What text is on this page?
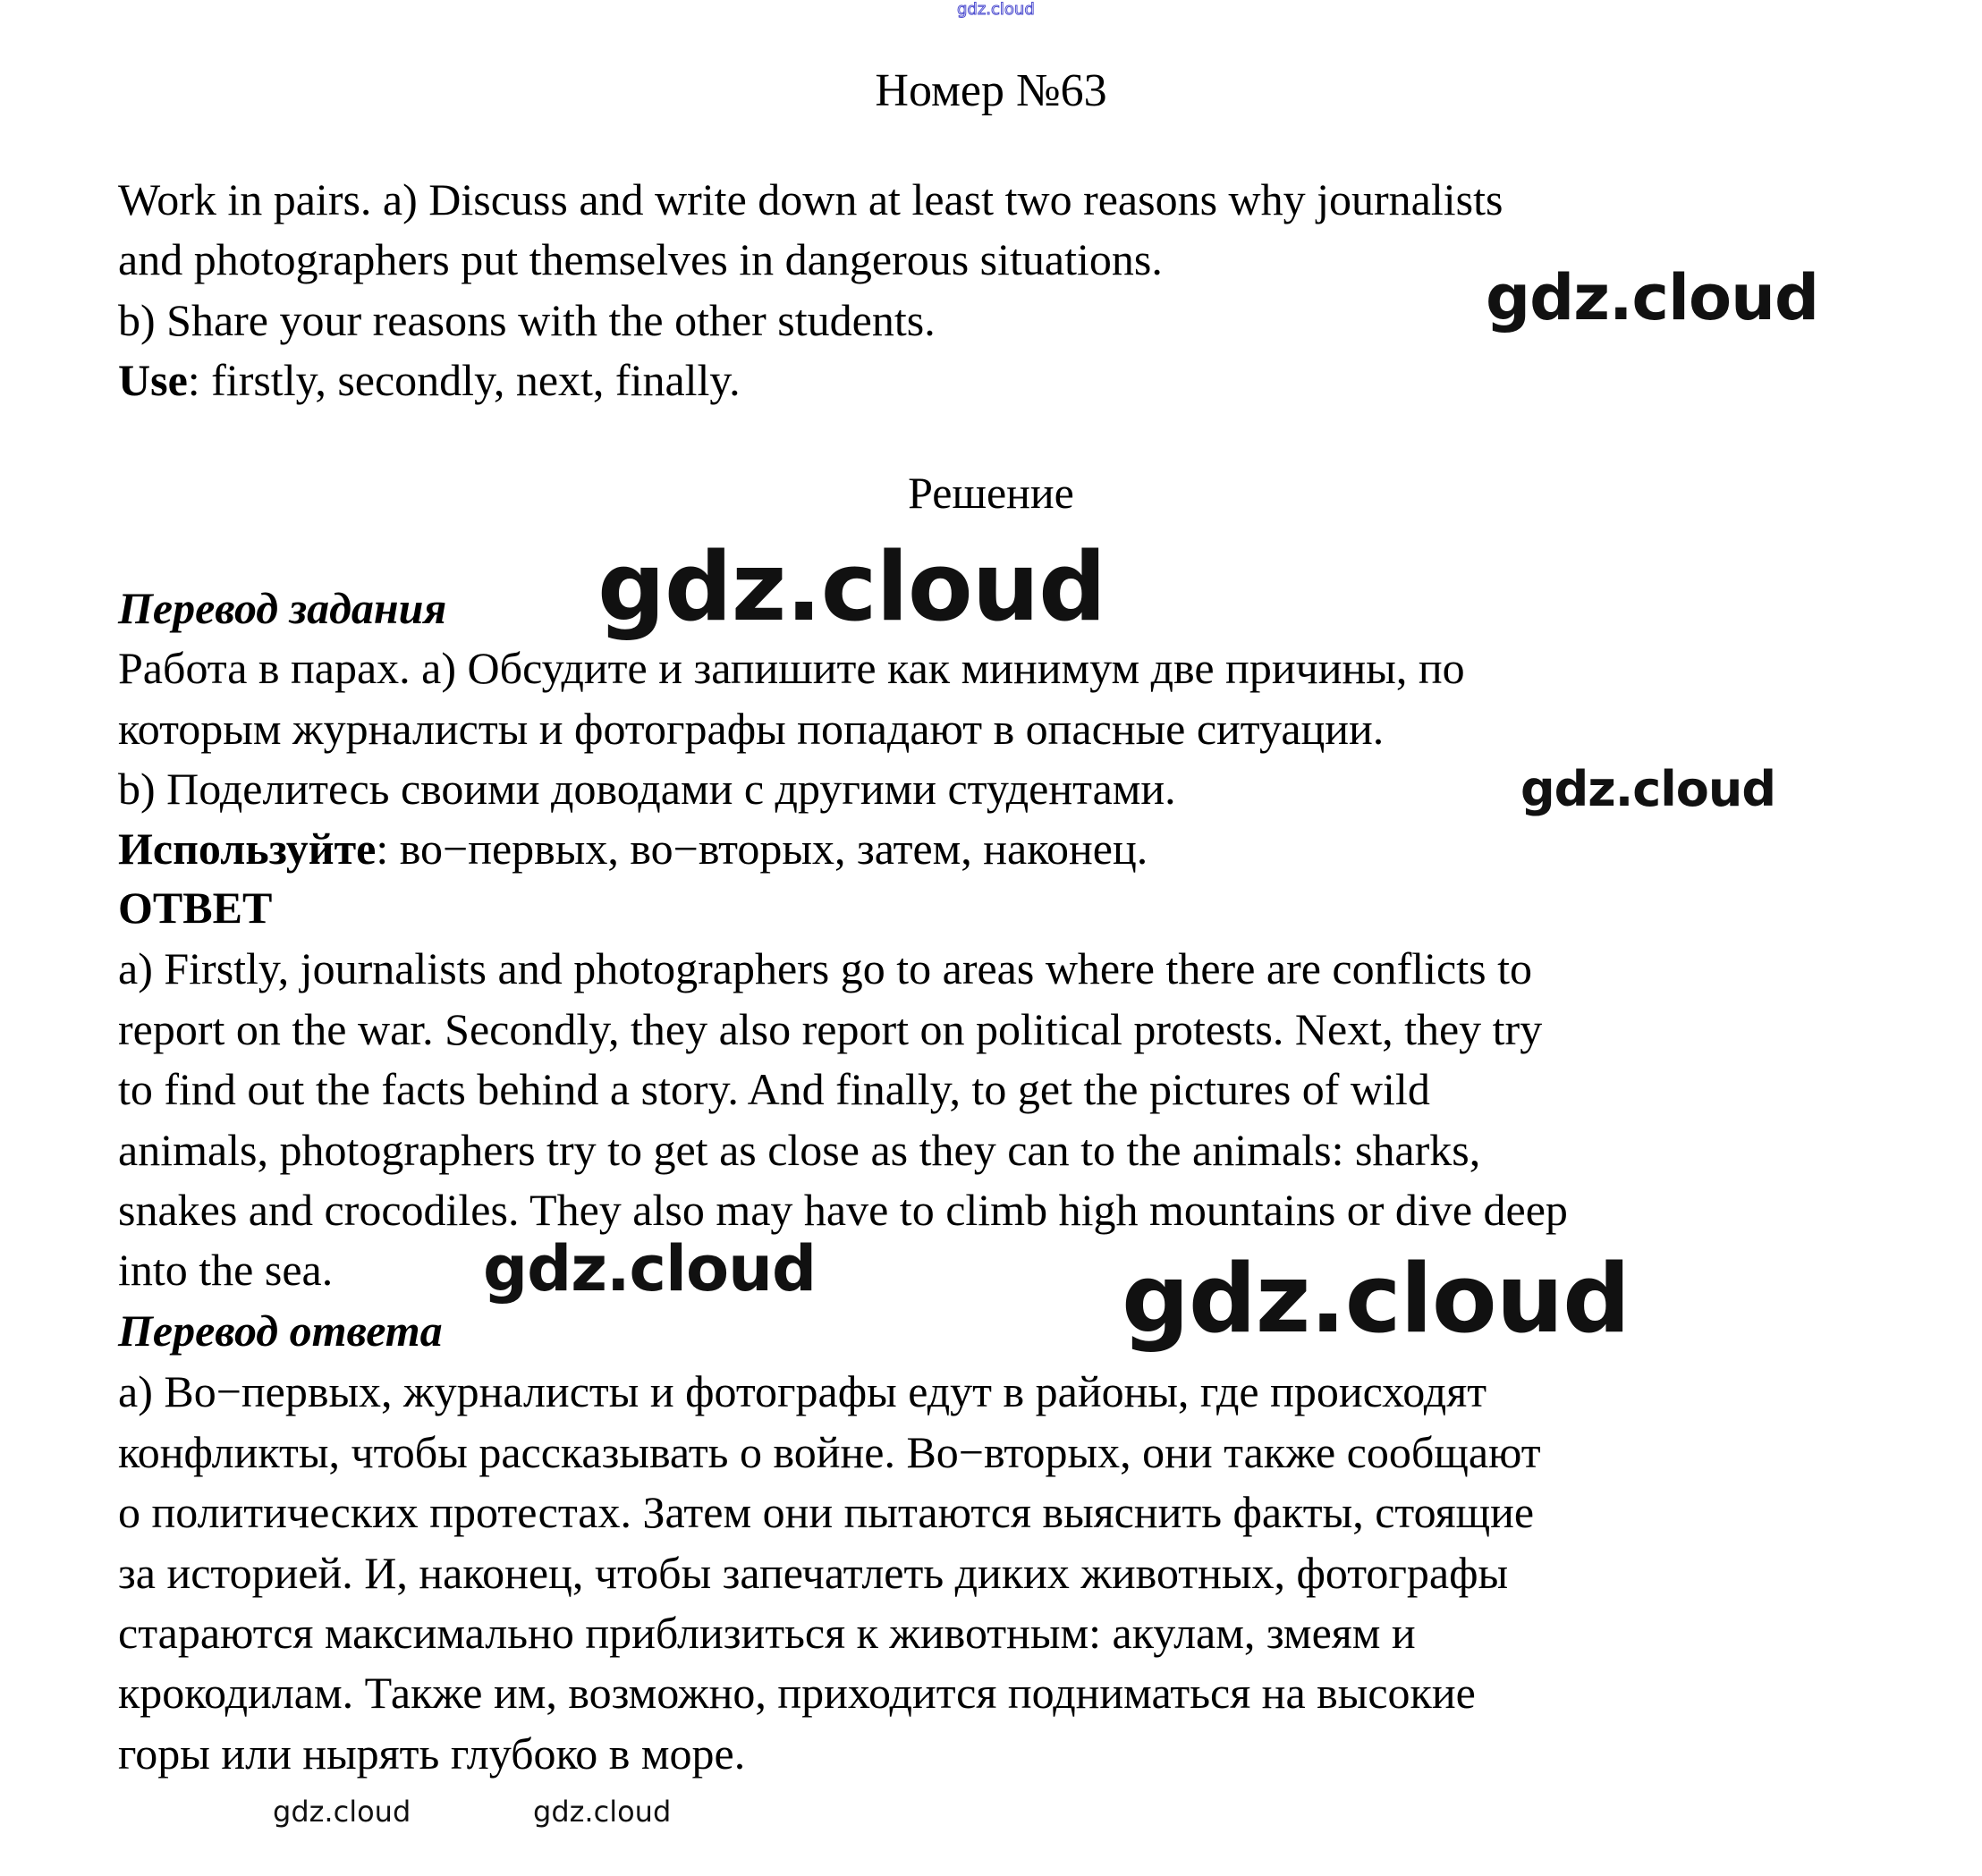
gdz.cloud
Номер №63
Work in pairs. a) Discuss and write down at least two reasons why journalists
and photographers put themselves in dangerous situations.
b) Share your reasons with the other students.
Use: firstly, secondly, next, finally.
Решение
Перевод задания
Работа в парах. а) Обсудите и запишите как минимум две причины, по
которым журналисты и фотографы попадают в опасные ситуации.
b) Поделитесь своими доводами с другими студентами.
Используйте: во−первых, во−вторых, затем, наконец.
ОТВЕТ
a) Firstly, journalists and photographers go to areas where there are conflicts to
report on the war. Secondly, they also report on political protests. Next, they try
to find out the facts behind a story. And finally, to get the pictures of wild
animals, photographers try to get as close as they can to the animals: sharks,
snakes and crocodiles. They also may have to climb high mountains or dive deep
into the sea.
Перевод ответа
а) Во−первых, журналисты и фотографы едут в районы, где происходят
конфликты, чтобы рассказывать о войне. Во−вторых, они также сообщают
о политических протестах. Затем они пытаются выяснить факты, стоящие
за историей. И, наконец, чтобы запечатлеть диких животных, фотографы
стараются максимально приблизиться к животным: акулам, змеям и
крокодилам. Также им, возможно, приходится подниматься на высокие
горы или нырять глубоко в море.
gdz.cloud
gdz.cloud
gdz.cloud
gdz.cloud	gdz.cloud
gdz.cloud	gdz.cloud
